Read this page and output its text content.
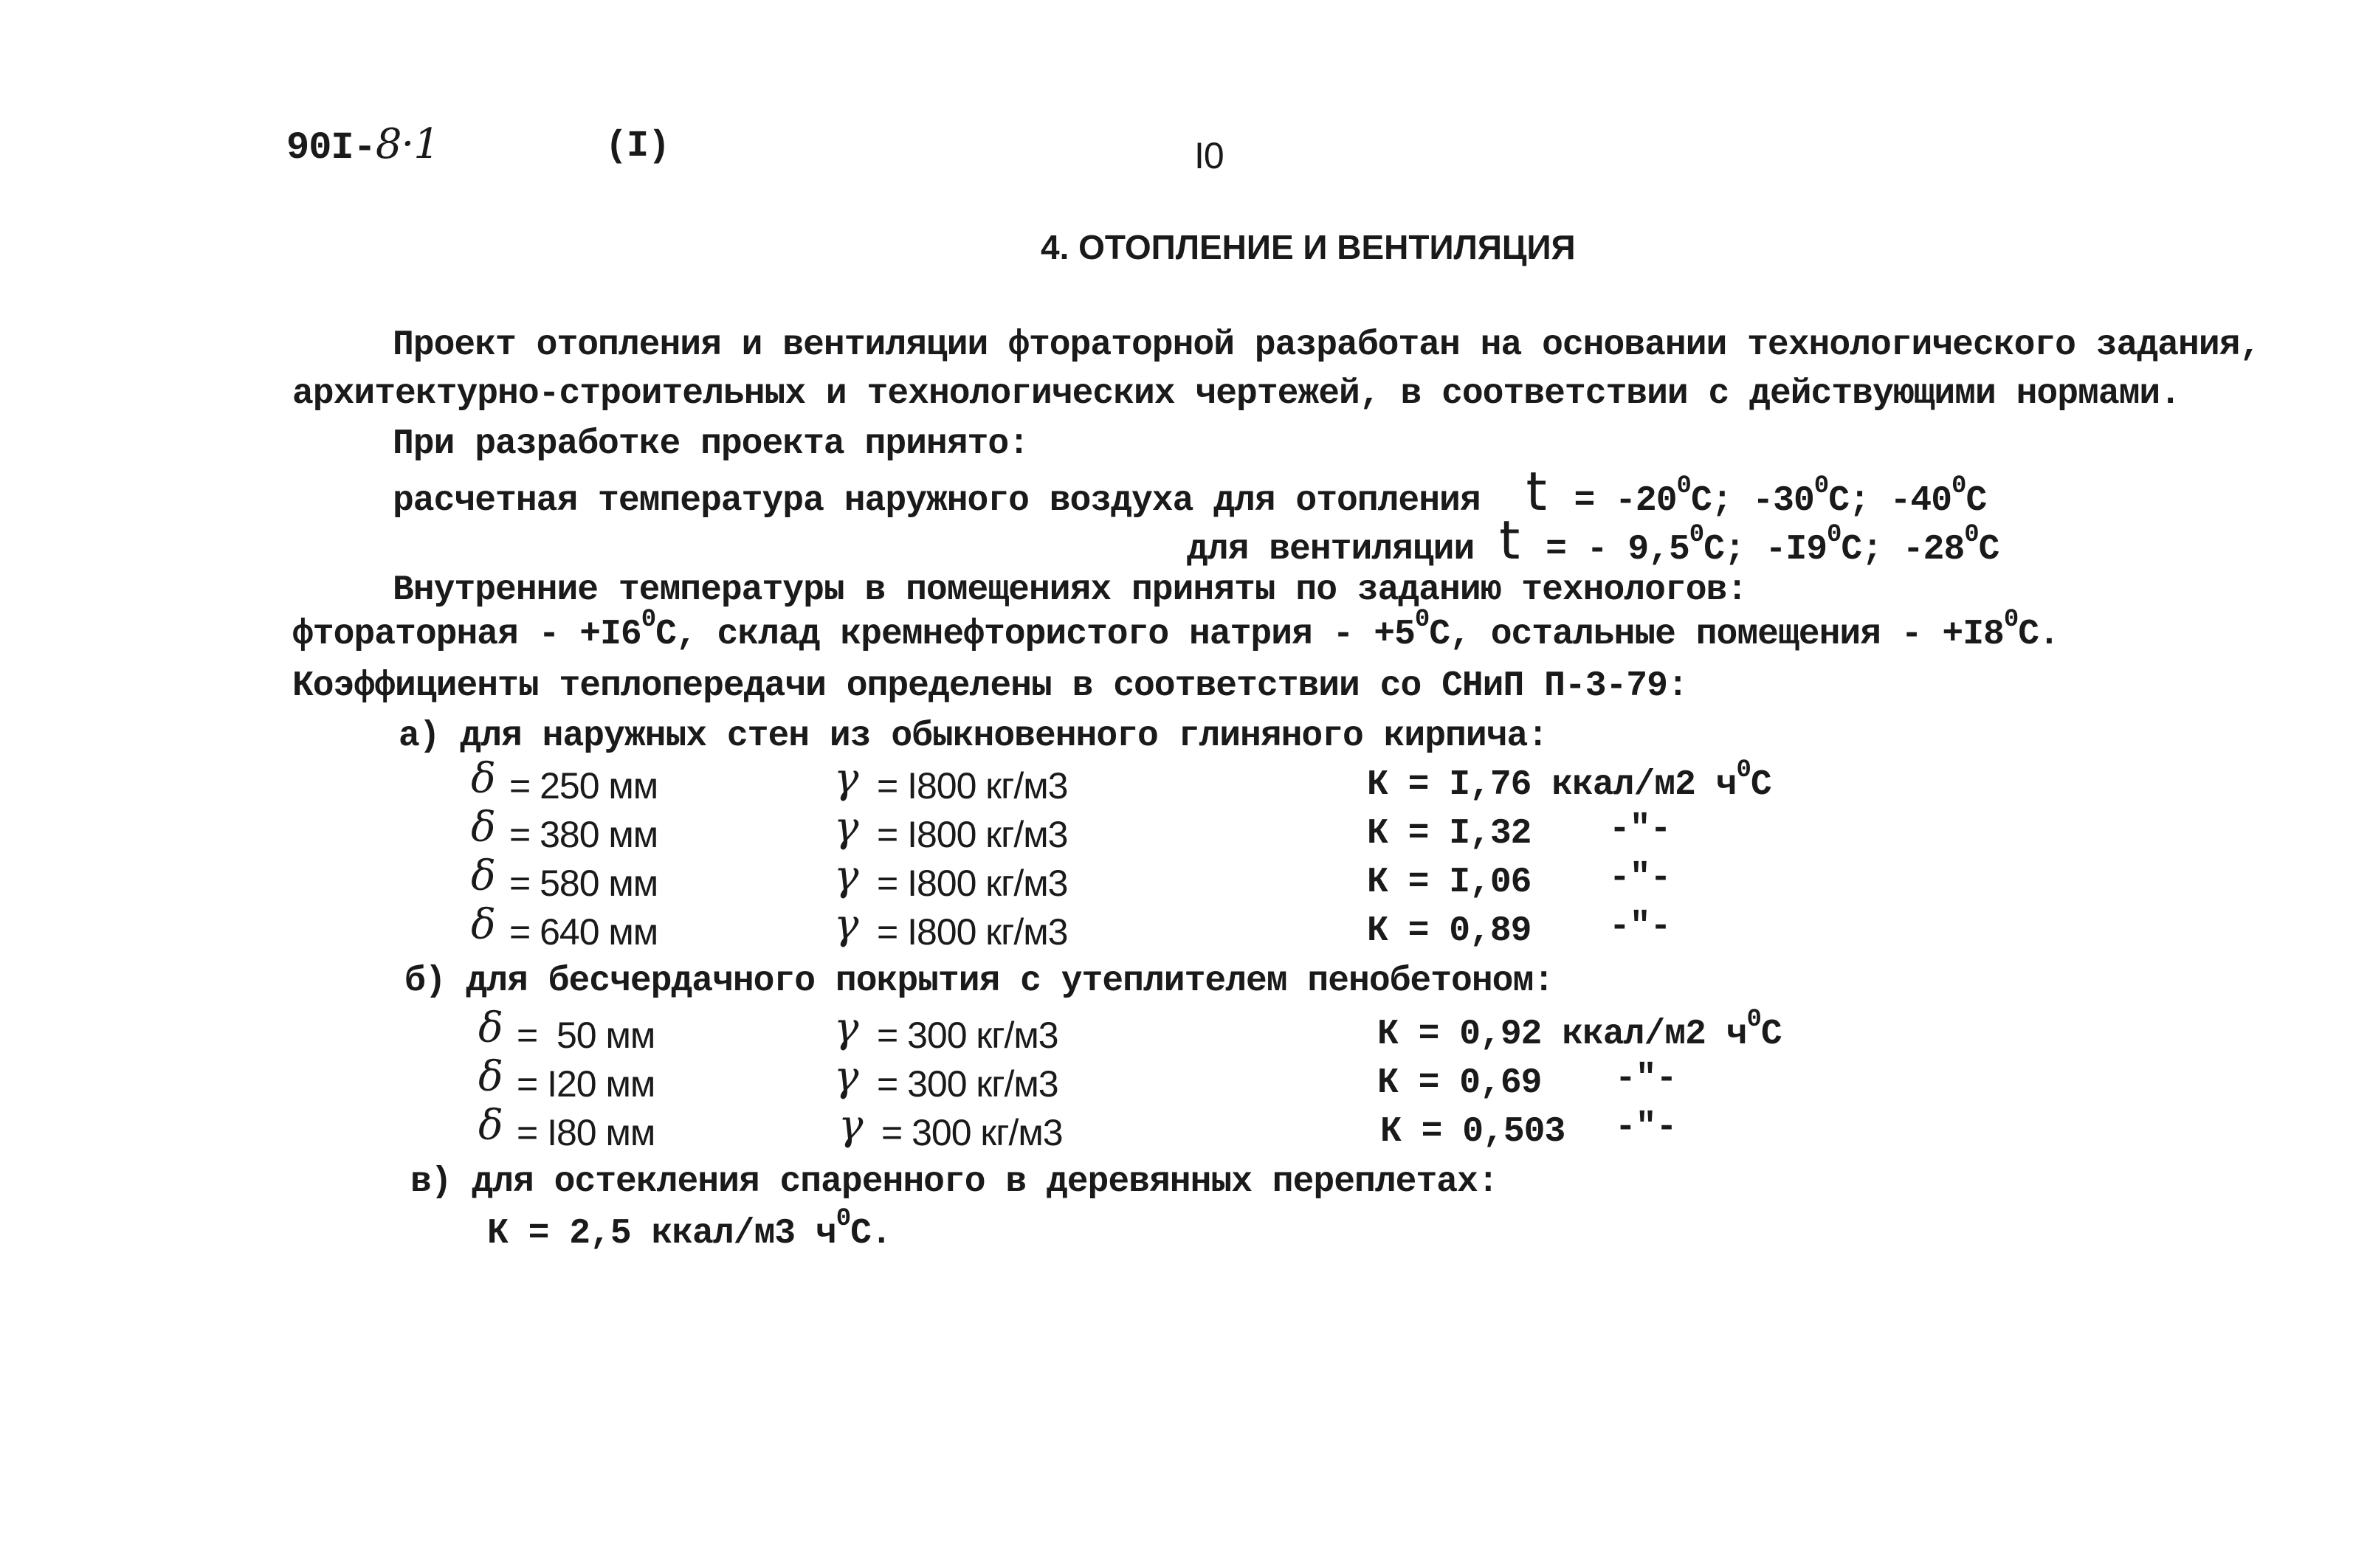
90I-8·1	(I)	I0
4. ОТОПЛЕНИЕ И ВЕНТИЛЯЦИЯ
Проект отопления и вентиляции фтораторной разработан на основании технологического задания,
архитектурно-строительных и технологических чертежей, в соответствии с действующими нормами.
При разработке проекта принято:
расчетная температура наружного воздуха для отопления $t = -20^0C$; $-30^0C$; $-40^0C$
для вентиляции t = - $9,5^0C$; $-I9^0C$; $-28^0C$
Внутренние температуры в помещениях приняты по заданию технологов:
фтораторная - $+I6^0C$, склад кремнефтористого натрия - $+5^0C$, остальные помещения - $+I8^0C$.
Коэффициенты теплопередачи определены в соответствии со СНиП П-3-79:
а) для наружных стен из обыкновенного глиняного кирпича:
δ = 250 мм	γ = I800 кг/м3	К = I,76 ккал/м2 $ч^0С$
δ = 380 мм	γ = I800 кг/м3	К = I,32 -"-
δ = 580 мм	γ = I800 кг/м3	К = I,06 -"-
δ = 640 мм	γ = I800 кг/м3	К = 0,89 -"-
б) для бесчердачного покрытия с утеплителем пенобетоном:
δ =  50 мм	γ = 300 кг/м3	К = 0,92 ккал/м2 $ч^0С$
δ = I20 мм	γ = 300 кг/м3	К = 0,69 -"-
δ = I80 мм	γ = 300 кг/м3	К = 0,503 -"-
в) для остекления спаренного в деревянных переплетах:
К = 2,5 ккал/м3 $ч^0С$.
